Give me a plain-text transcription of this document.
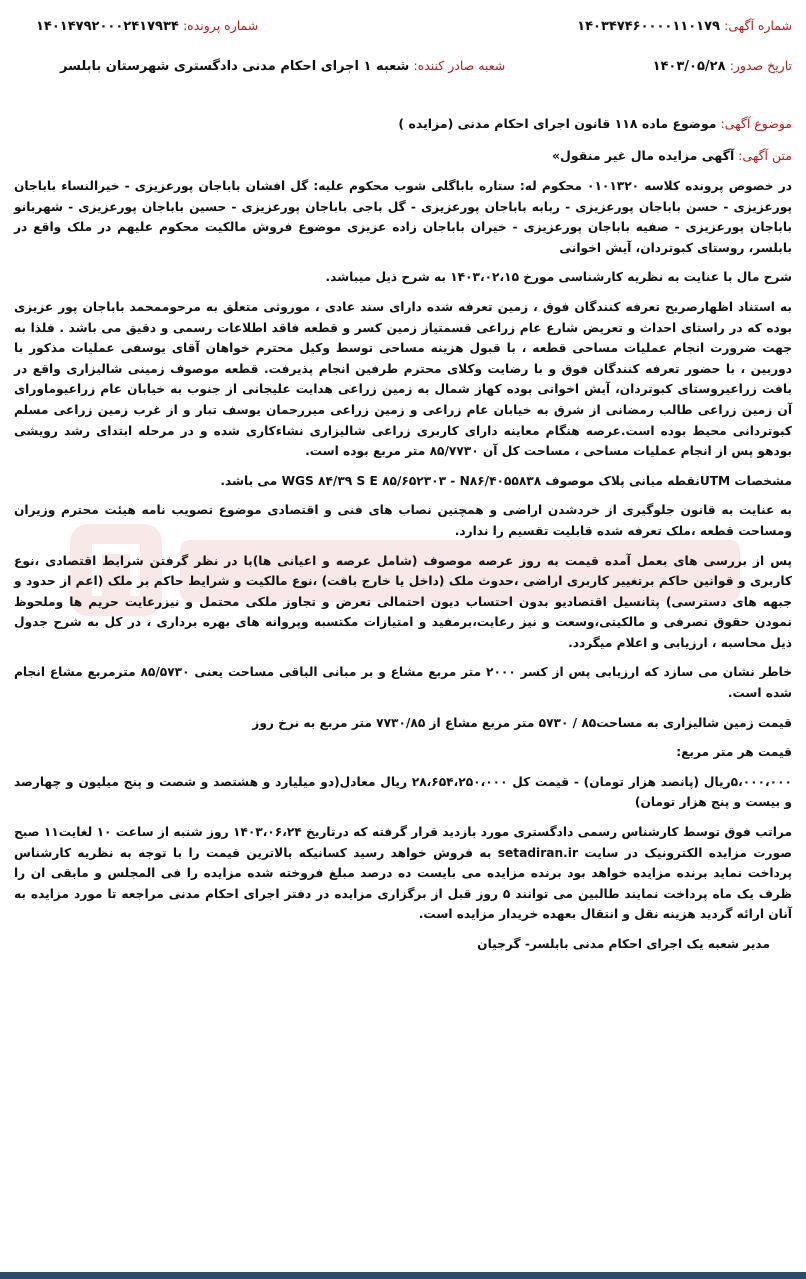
شماره آگهی: ۱۴۰۳۴۷۴۶۰۰۰۰۱۱۰۱۷۹
شماره پرونده: ۱۴۰۱۴۷۹۲۰۰۰۲۴۱۷۹۳۴
تاریخ صدور: ۱۴۰۳/۰۵/۲۸
شعبه صادر کننده: شعبه ۱ اجرای احکام مدنی دادگستری شهرستان بابلسر
موضوع آگهی: موضوع ماده ۱۱۸ قانون اجرای احکام مدنی (مزایده )
متن آگهی: آگهی مزایده مال غیر منقول»

در خصوص پرونده کلاسه ۰۱۰۱۳۲۰ محکوم له: ستاره باباگلی شوب محکوم علیه: گل افشان باباجان پورعزیزی - خیرالنساء باباجان پورعزیزی - حسن باباجان پورعزیزی - ربابه باباجان پورعزیزی - گل باجی باباجان پورعزیزی - حسین باباجان پورعزیزی - شهربانو باباجان پورعزیزی - صفیه باباجان پورعزیزی - خیران باباجان زاده عزیزی موضوع فروش مالکیت محکوم علیهم در ملک واقع در بابلسر، روستای کبوتردان، آیش اخوانی

شرح مال با عنایت به نظریه کارشناسی مورخ ۱۴۰۳،۰۲،۱۵ به شرح ذیل میباشد.

به استناد اظهارصریح تعرفه کنندگان فوق ، زمین تعرفه شده دارای سند عادی ، موروثی متعلق به مرحوممحمد باباجان پور عزیزی بوده که در راستای احداث و تعریض شارع عام زراعی قسمتیاز زمین کسر و قطعه فاقد اطلاعات رسمی و دقیق می باشد . فلذا به جهت ضرورت انجام عملیات مساحی قطعه ، با قبول هزینه مساحی توسط وکیل محترم خواهان آقای یوسفی عملیات مذکور با دوربین ، با حضور تعرفه کنندگان فوق و با رضایت وکلای محترم طرفین انجام پذیرفت. قطعه موصوف زمینی شالیزاری واقع در بافت زراعیروستای کبوتردان، آیش اخوانی بوده کهاز شمال به زمین زراعی هدایت علیجانی از جنوب به خیابان عام زراعیوماورای آن زمین زراعی طالب رمضانی از شرق به خیابان عام زراعی و زمین زراعی میررحمان یوسف تبار و از غرب زمین زراعی مسلم کبوتردانی محیط بوده است.عرصه هنگام معاینه دارای کاربری زراعی شالیزاری نشاءکاری شده و در مرحله ابتدای رشد رویشی بودهو پس از انجام عملیات مساحی ، مساحت کل آن ۸۵/۷۷۳۰ متر مربع بوده است.

مشخصات UTMنقطه میانی پلاک موصوف WGS ۸۴/۳۹ S E ۸۵/۶۵۲۳۰۳ - N۸۶/۴۰۵۵۸۳۸ می باشد.

به عنایت به قانون جلوگیری از خردشدن اراضی و همچنین نصاب های فنی و اقتصادی موضوع تصویب نامه هیئت محترم وزیران ومساحت قطعه ،ملک تعرفه شده قابلیت تقسیم را ندارد.

پس از بررسی های بعمل آمده قیمت به روز عرصه موصوف (شامل عرصه و اعیانی ها)با در نظر گرفتن شرایط اقتصادی ،نوع کاربری و قوانین حاکم برتغییر کاربری اراضی ،حدوث ملک (داخل یا خارج بافت) ،نوع مالکیت و شرایط حاکم بر ملک (اعم از حدود و جبهه های دسترسی) پتانسیل اقتصادیو بدون احتساب دیون احتمالی تعرض و تجاوز ملکی محتمل و نیزرعایت حریم ها وملحوظ نمودن حقوق تصرفی و مالکیتی،وسعت و نیز رعایت،برمفید و امتیازات مکتسبه وپروانه های بهره برداری ، در کل به شرح جدول ذیل محاسبه ، ارزیابی و اعلام میگردد.

خاطر نشان می سازد که ارزیابی پس از کسر ۲۰۰۰ متر مربع مشاع و بر مبانی الباقی مساحت یعنی ۸۵/۵۷۳۰ مترمربع مشاع انجام شده است.

قیمت زمین شالیزاری به مساحت۸۵ / ۵۷۳۰ متر مربع مشاع از ۷۷۳۰/۸۵ متر مربع به نرخ روز

قیمت هر متر مربع:

۵،۰۰۰،۰۰۰ریال (پانصد هزار تومان) - قیمت کل ۲۸،۶۵۴،۲۵۰،۰۰۰ ریال معادل(دو میلیارد و هشتصد و شصت و پنج میلیون و چهارصد و بیست و پنج هزار تومان)

مراتب فوق توسط کارشناس رسمی دادگستری مورد بازدید قرار گرفته که درتاریخ ۱۴۰۳،۰۶،۲۴ روز شنبه از ساعت ۱۰ لغایت۱۱ صبح صورت مزایده الکترونیک در سایت setadiran.ir به فروش خواهد رسید کسانیکه بالاترین قیمت را با توجه به نظریه کارشناس پرداخت نماید برنده مزایده خواهد بود برنده مزایده می بایست ده درصد مبلغ فروخته شده مزایده را فی المجلس و مابقی ان را ظرف یک ماه پرداخت نمایند طالبین می توانند ۵ روز قبل از برگزاری مزایده در دفتر اجرای احکام مدنی مراجعه تا مورد مزایده به آنان ارائه گردید هزینه نقل و انتقال بعهده خریدار مزایده است.

مدیر شعبه یک اجرای احکام مدنی بابلسر- گرجیان
